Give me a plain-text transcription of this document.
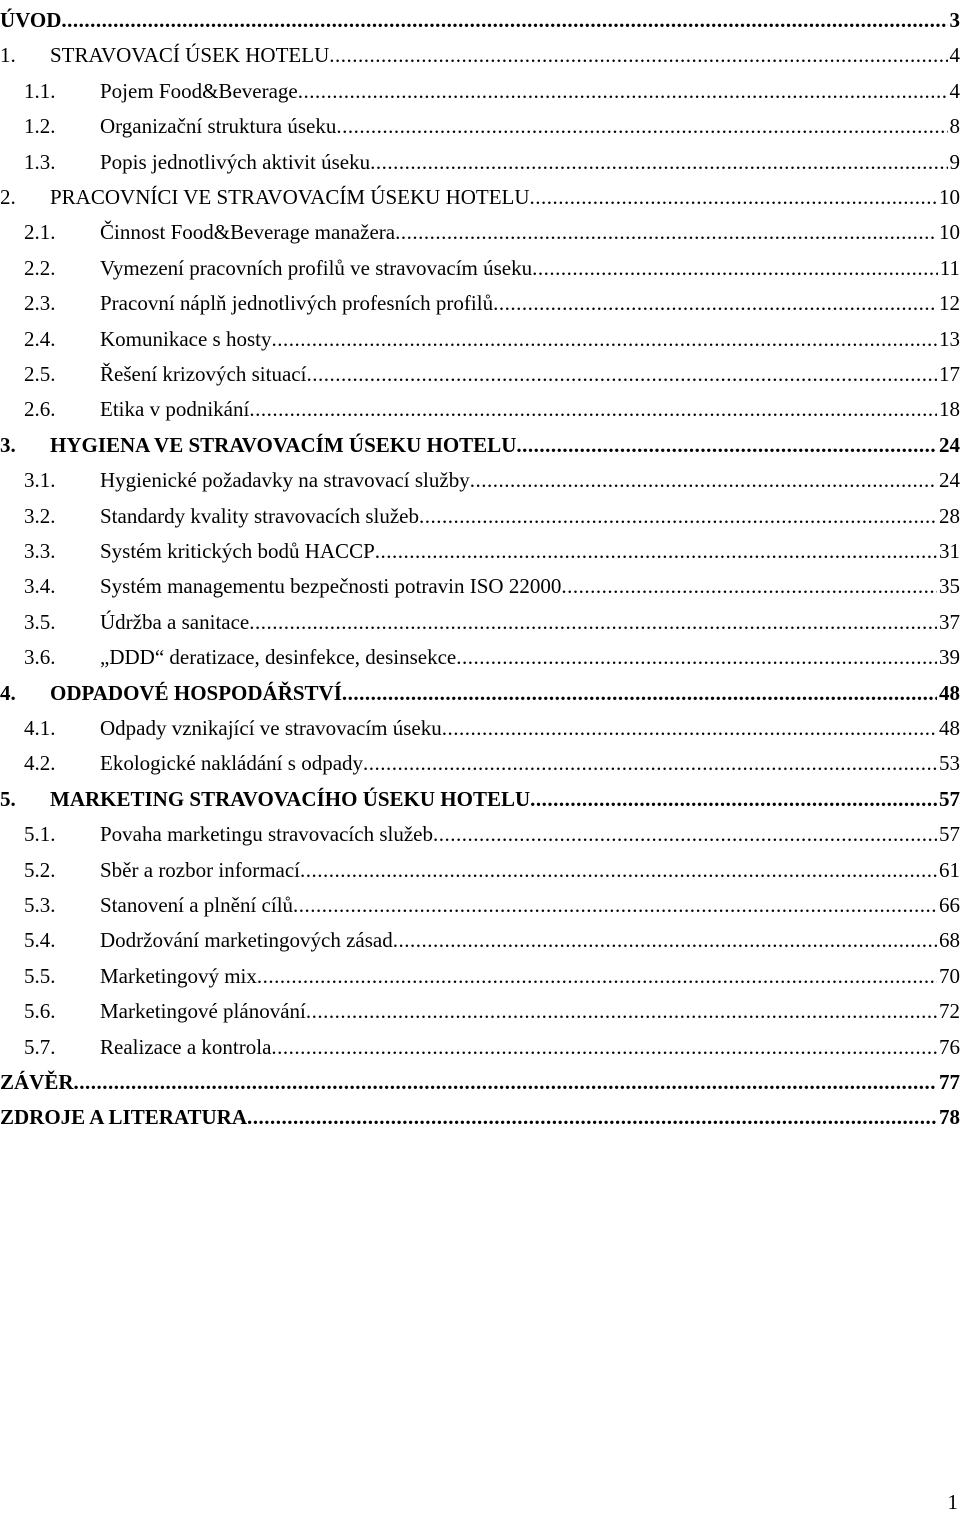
ÚVOD .....	3
1.	STRAVOVACÍ ÚSEK HOTELU .....	4
1.1.	Pojem Food&Beverage .....	4
1.2.	Organizační struktura úseku .....	8
1.3.	Popis jednotlivých aktivit úseku .....	9
2.	PRACOVNÍCI VE STRAVOVACÍM ÚSEKU HOTELU .....	10
2.1.	Činnost Food&Beverage manažera .....	10
2.2.	Vymezení pracovních profilů ve stravovacím úseku .....	11
2.3.	Pracovní náplň jednotlivých profesních profilů .....	12
2.4.	Komunikace s hosty .....	13
2.5.	Řešení krizových situací .....	17
2.6.	Etika v podnikání .....	18
3.	HYGIENA VE STRAVOVACÍM ÚSEKU HOTELU .....	24
3.1.	Hygienické požadavky na stravovací služby .....	24
3.2.	Standardy kvality stravovacích služeb .....	28
3.3.	Systém kritických bodů HACCP .....	31
3.4.	Systém managementu bezpečnosti potravin ISO 22000 .....	35
3.5.	Údržba a sanitace .....	37
3.6.	„DDD“ deratizace, desinfekce, desinsekce .....	39
4.	ODPADOVÉ HOSPODÁŘSTVÍ .....	48
4.1.	Odpady vznikající ve stravovacím úseku .....	48
4.2.	Ekologické nakládání s odpady .....	53
5.	MARKETING STRAVOVACÍHO ÚSEKU HOTELU .....	57
5.1.	Povaha marketingu stravovacích služeb .....	57
5.2.	Sběr a rozbor informací .....	61
5.3.	Stanovení a plnění cílů .....	66
5.4.	Dodržování marketingových zásad .....	68
5.5.	Marketingový mix .....	70
5.6.	Marketingové plánování .....	72
5.7.	Realizace a kontrola .....	76
ZÁVĚR .....	77
ZDROJE A LITERATURA .....	78
1
